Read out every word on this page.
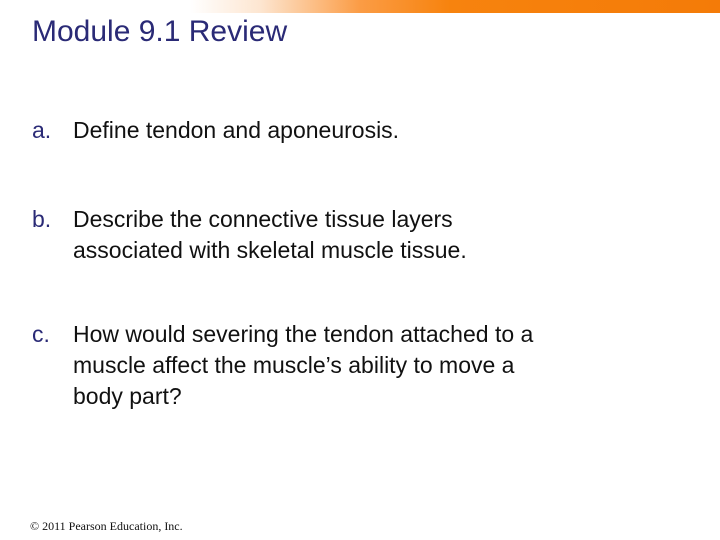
Module 9.1 Review
a. Define tendon and aponeurosis.
b. Describe the connective tissue layers
associated with skeletal muscle tissue.
c.	How would severing the tendon attached to a
muscle affect the muscle’s ability to move a
body part?
© 2011 Pearson Education, Inc.
